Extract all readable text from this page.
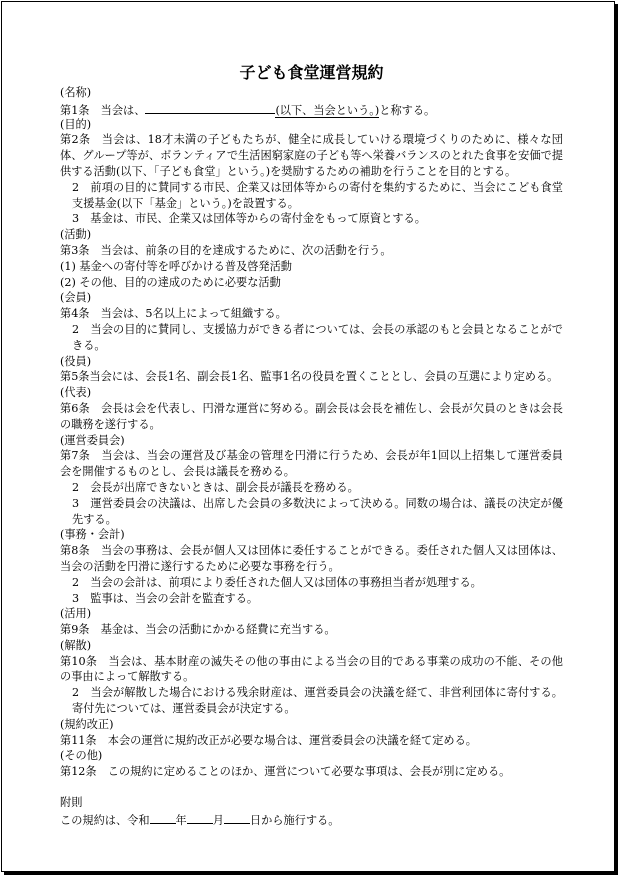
子ども食堂運営規約
(名称)
第1条　当会は、	(以下、当会という。)と称する。
(目的)
第2条　当会は、18才未満の子どもたちが、健全に成長していける環境づくりのために、様々な団体、グループ等が、ボランティアで生活困窮家庭の子ども等へ栄養バランスのとれた食事を安価で提供する活動(以下、「子ども食堂」という。)を奨励するための補助を行うことを目的とする。
2　前項の目的に賛同する市民、企業又は団体等からの寄付を集約するために、当会にこども食堂支援基金(以下「基金」という。)を設置する。
3　基金は、市民、企業又は団体等からの寄付金をもって原資とする。
(活動)
第3条　当会は、前条の目的を達成するために、次の活動を行う。
(1) 基金への寄付等を呼びかける普及啓発活動
(2) その他、目的の達成のために必要な活動
(会員)
第4条　当会は、5名以上によって組織する。
2　当会の目的に賛同し、支援協力ができる者については、会長の承認のもと会員となることができる。
(役員)
第5条当会には、会長1名、副会長1名、監事1名の役員を置くこととし、会員の互選により定める。
(代表)
第6条　会長は会を代表し、円滑な運営に努める。副会長は会長を補佐し、会長が欠員のときは会長の職務を遂行する。
(運営委員会)
第7条　当会は、当会の運営及び基金の管理を円滑に行うため、会長が年1回以上招集して運営委員会を開催するものとし、会長は議長を務める。
2　会長が出席できないときは、副会長が議長を務める。
3　運営委員会の決議は、出席した会員の多数決によって決める。同数の場合は、議長の決定が優先する。
(事務・会計)
第8条　当会の事務は、会長が個人又は団体に委任することができる。委任された個人又は団体は、当会の活動を円滑に遂行するために必要な事務を行う。
2　当会の会計は、前項により委任された個人又は団体の事務担当者が処理する。
3　監事は、当会の会計を監査する。
(活用)
第9条　基金は、当会の活動にかかる経費に充当する。
(解散)
第10条　当会は、基本財産の滅失その他の事由による当会の目的である事業の成功の不能、その他の事由によって解散する。
2　当会が解散した場合における残余財産は、運営委員会の決議を経て、非営利団体に寄付する。寄付先については、運営委員会が決定する。
(規約改正)
第11条　本会の運営に規約改正が必要な場合は、運営委員会の決議を経て定める。
(その他)
第12条　この規約に定めることのほか、運営について必要な事項は、会長が別に定める。
附則
この規約は、令和 年 月 日から施行する。
